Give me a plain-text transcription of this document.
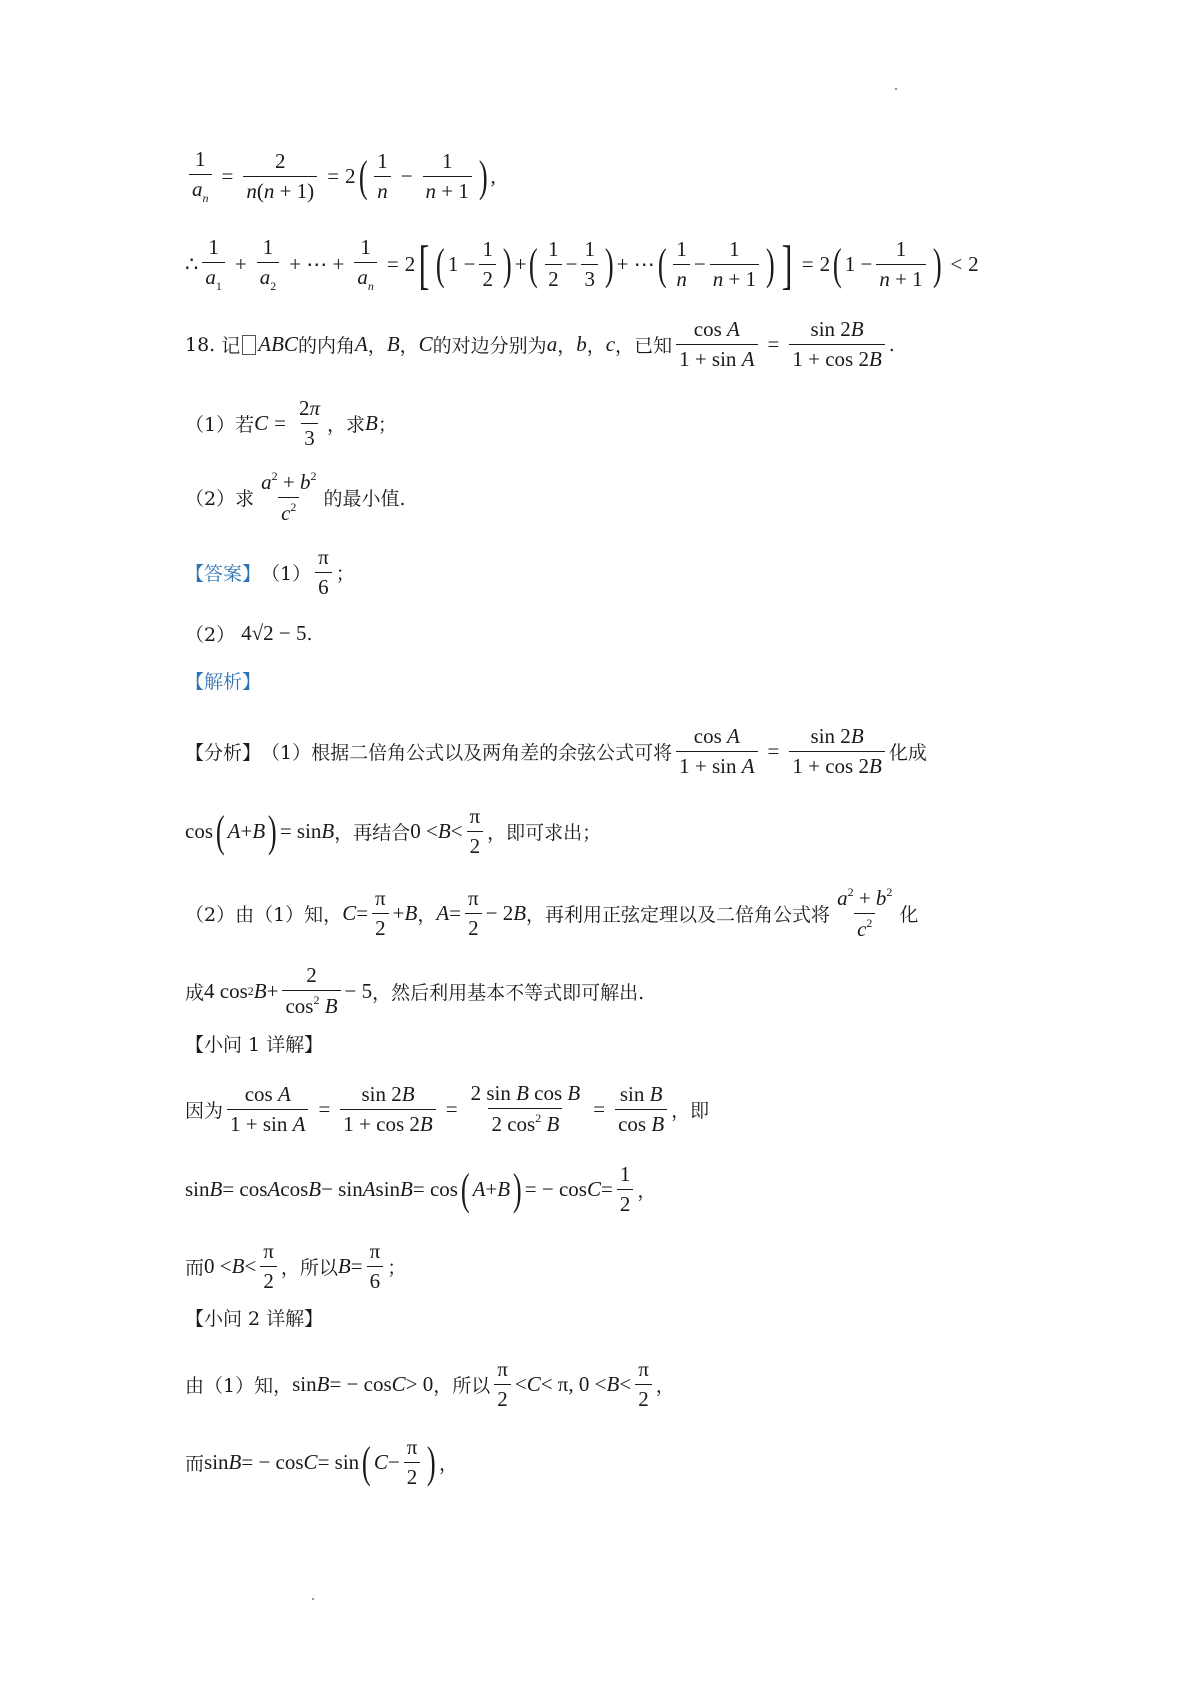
$\frac{1}{a_n} = \frac{2}{n(n + 1)} = 2$ ( $\frac{1}{n} - \frac{1}{n + 1}$ ) ,
∴ $\frac{1}{a_1} + \frac{1}{a_2}$ + ⋯ + $\frac{1}{a_n} = 2$ [ ( $1 - \frac{1}{2}$ ) + ( $\frac{1}{2} - \frac{1}{3}$ ) + ⋯ ( $\frac{1}{n} - \frac{1}{n + 1}$ ) ] = 2 ( $1 - \frac{1}{n + 1}$ ) < 2
18.
记 ABC 的内角 A ， B ， C 的对边分别为 a ， b ， c ， 已知 $\frac{\text{cos A}}{\text{1 + sin A}} = \frac{\sin 2B}{1 + \cos 2B}$ .
（1）若 $C = \frac{2\pi}{3}$ ，求 B ；
（2）求 $\frac{a^2 + b^2}{c^2}$ 的最小值.
【答案】 $(1) \frac{\pi}{6}$ ；
（2）
4√2 − 5 .
【解析】
【分析】 （1）根据二倍角公式以及两角差的余弦公式可将 $\frac{\text{cos A}}{\text{1 + sin A}} = \frac{\sin 2B}{1 + \cos 2B}$ 化成
cos ( A + B ) = sin B ，再结合 $0 < B < \frac{\pi}{2}$ ，即可求出；
（2）由（1）知， $C = \frac{\pi}{2} + B$ ， $A = \frac{\pi}{2} - 2$ B ，再利用正弦定理以及二倍角公式将 $\frac{a^2 + b^2}{c^2}$ 化
成 4 cos 2 $B + \frac{2}{\cos^2 B} - 5$ ，然后利用基本不等式即可解出.
【小问 1 详解】
因为 $\frac{\text{cos A}}{\text{1 + sin A}} = \frac{\sin 2B}{1 + \cos 2B} = \frac{\text{2 sin B cos B}}{2 \cos^2 B} = \frac{\text{sin B}}{\text{cos B}}$ ，即
sin B = cos A cos B − sin A sin B = cos ( A + B ) = − $\cos C = \frac{1}{2}$ ，
而 $0 < B < \frac{\pi}{2}$ ，所以 $B = \frac{\pi}{6}$ ；
【小问 2 详解】
由（1）知， sin B = − cos C > 0 ，所以 $\frac{\pi}{2} < C < \pi$, $0 < B < \frac{\pi}{2}$ ，
而 sin B = − cos C = sin ( $C - \frac{\pi}{2}$ ) ，
